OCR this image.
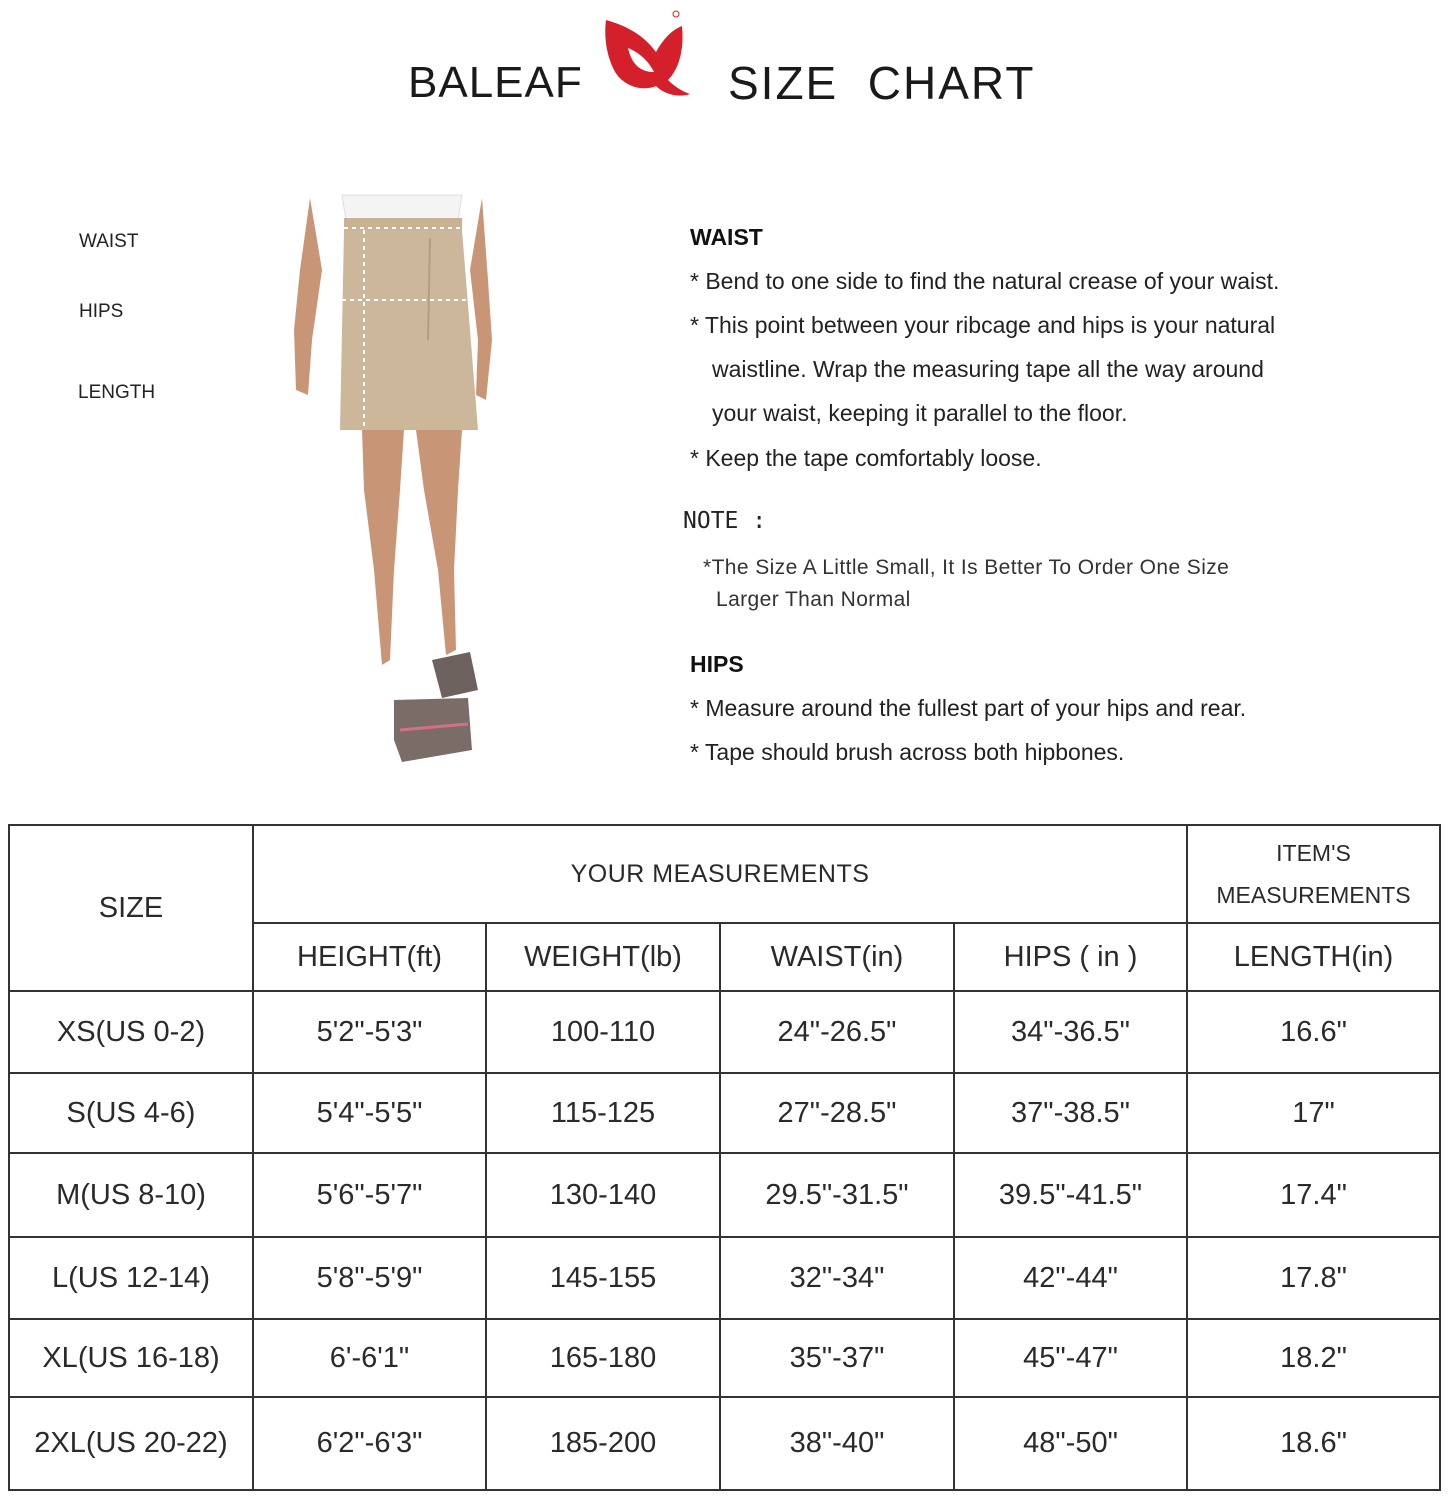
BALEAF	SIZE  CHART
WAIST
HIPS
LENGTH
WAIST
* Bend to one side to find the natural crease of your waist.
* This point between your ribcage and hips is your natural
waistline. Wrap the measuring tape all the way around
your waist, keeping it parallel to the floor.
* Keep the tape comfortably loose.
NOTE :
*The Size A Little Small, It Is Better To Order One Size
Larger Than Normal
HIPS
* Measure around the fullest part of your hips and rear.
* Tape should brush across both hipbones.
SIZE	YOUR MEASUREMENTS				ITEM'S
MEASUREMENTS

	HEIGHT(ft)	WEIGHT(lb)	WAIST(in)	HIPS ( in )	LENGTH(in)
XS(US 0-2)	5'2"-5'3"	100-110	24"-26.5"	34"-36.5"	16.6"
S(US 4-6)	5'4"-5'5"	115-125	27"-28.5"	37"-38.5"	17"
M(US 8-10)	5'6"-5'7"	130-140	29.5"-31.5"	39.5"-41.5"	17.4"
L(US 12-14)	5'8"-5'9"	145-155	32"-34"	42"-44"	17.8"
XL(US 16-18)	6'-6'1"	165-180	35"-37"	45"-47"	18.2"
2XL(US 20-22)	6'2"-6'3"	185-200	38"-40"	48"-50"	18.6"
